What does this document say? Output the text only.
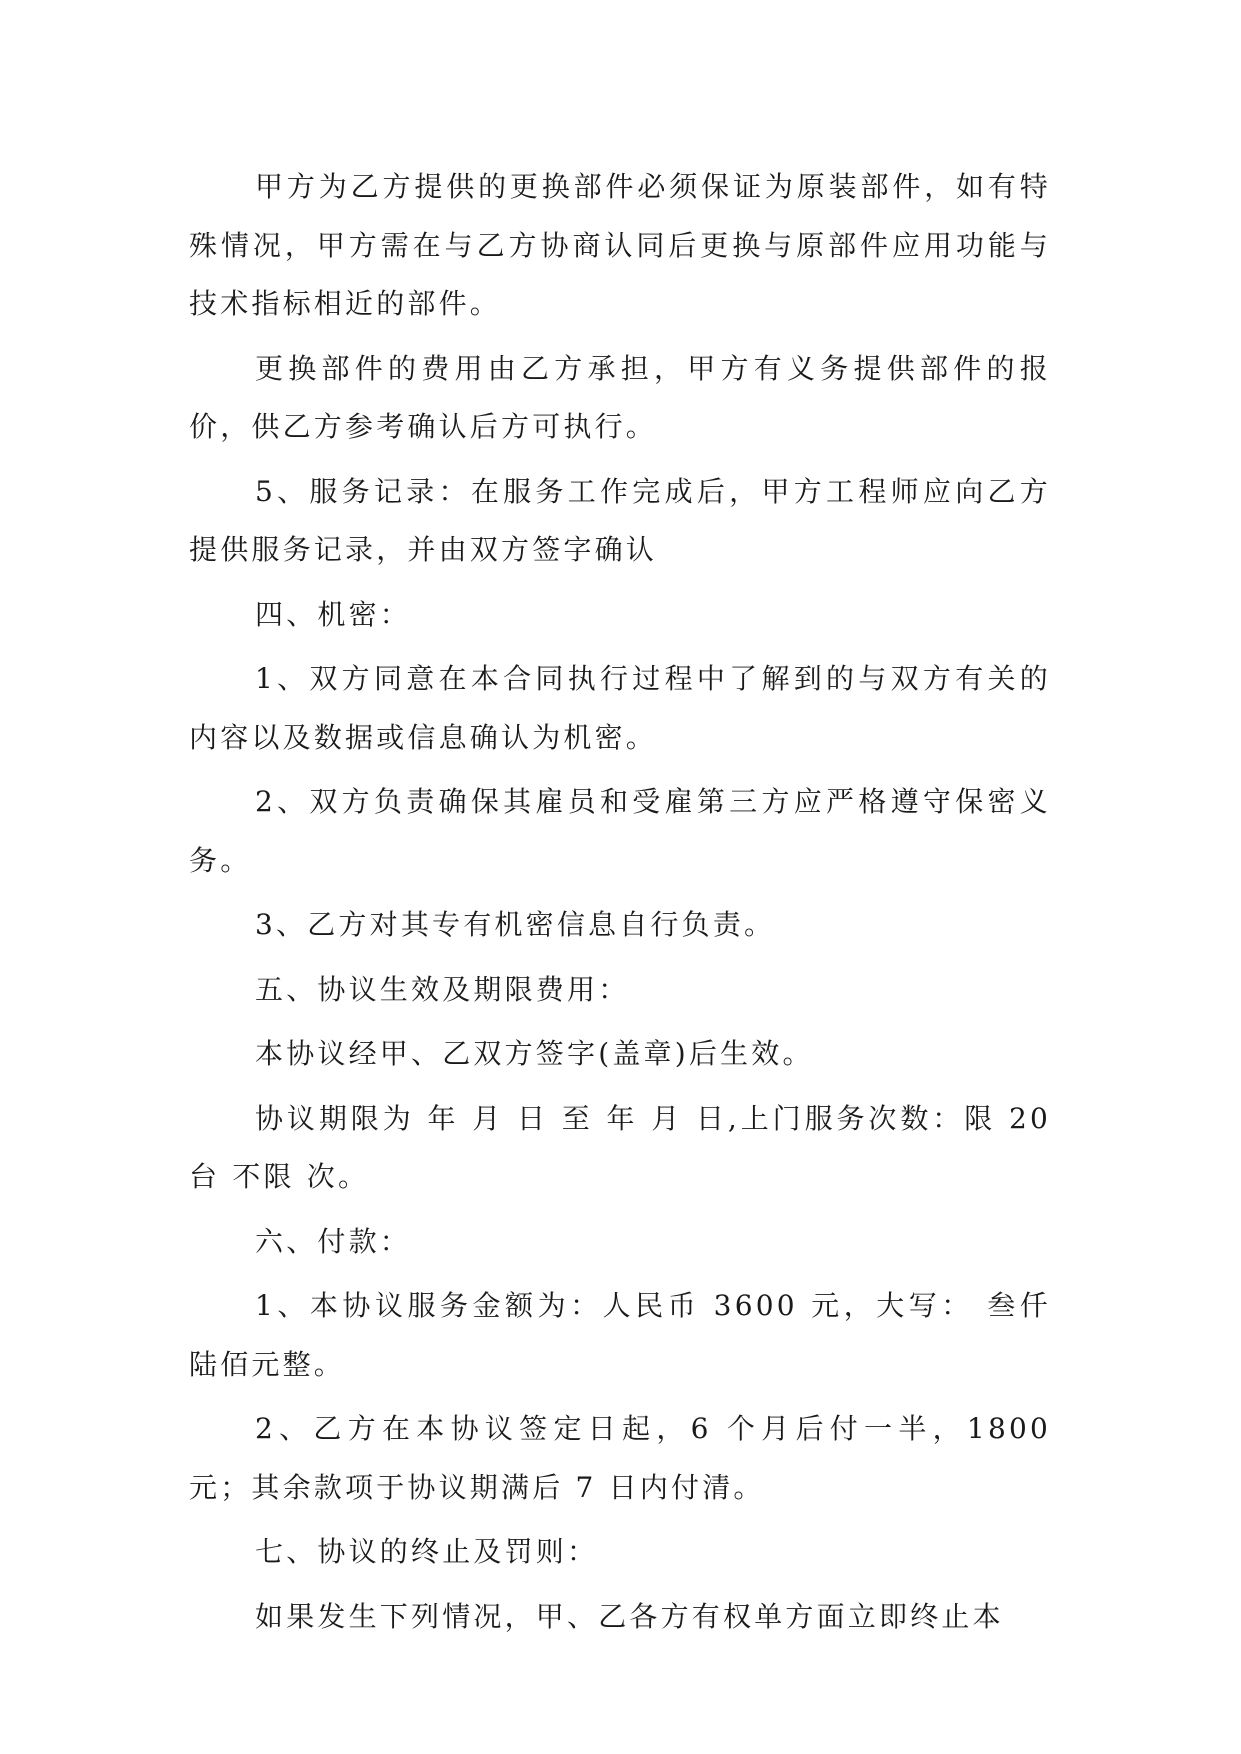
甲方为乙方提供的更换部件必须保证为原装部件，如有特殊情况，甲方需在与乙方协商认同后更换与原部件应用功能与技术指标相近的部件。

更换部件的费用由乙方承担，甲方有义务提供部件的报价，供乙方参考确认后方可执行。

5、服务记录：在服务工作完成后，甲方工程师应向乙方提供服务记录，并由双方签字确认

四、机密：

1、双方同意在本合同执行过程中了解到的与双方有关的内容以及数据或信息确认为机密。

2、双方负责确保其雇员和受雇第三方应严格遵守保密义务。

3、乙方对其专有机密信息自行负责。

五、协议生效及期限费用：

本协议经甲、乙双方签字(盖章)后生效。

协议期限为 年 月 日 至 年 月 日,上门服务次数：限 20 台 不限 次。

六、付款：

1、本协议服务金额为：人民币 3600 元，大写： 叁仟陆佰元整。

2、乙方在本协议签定日起，6 个月后付一半，1800 元；其余款项于协议期满后 7 日内付清。

七、协议的终止及罚则：

如果发生下列情况，甲、乙各方有权单方面立即终止本
